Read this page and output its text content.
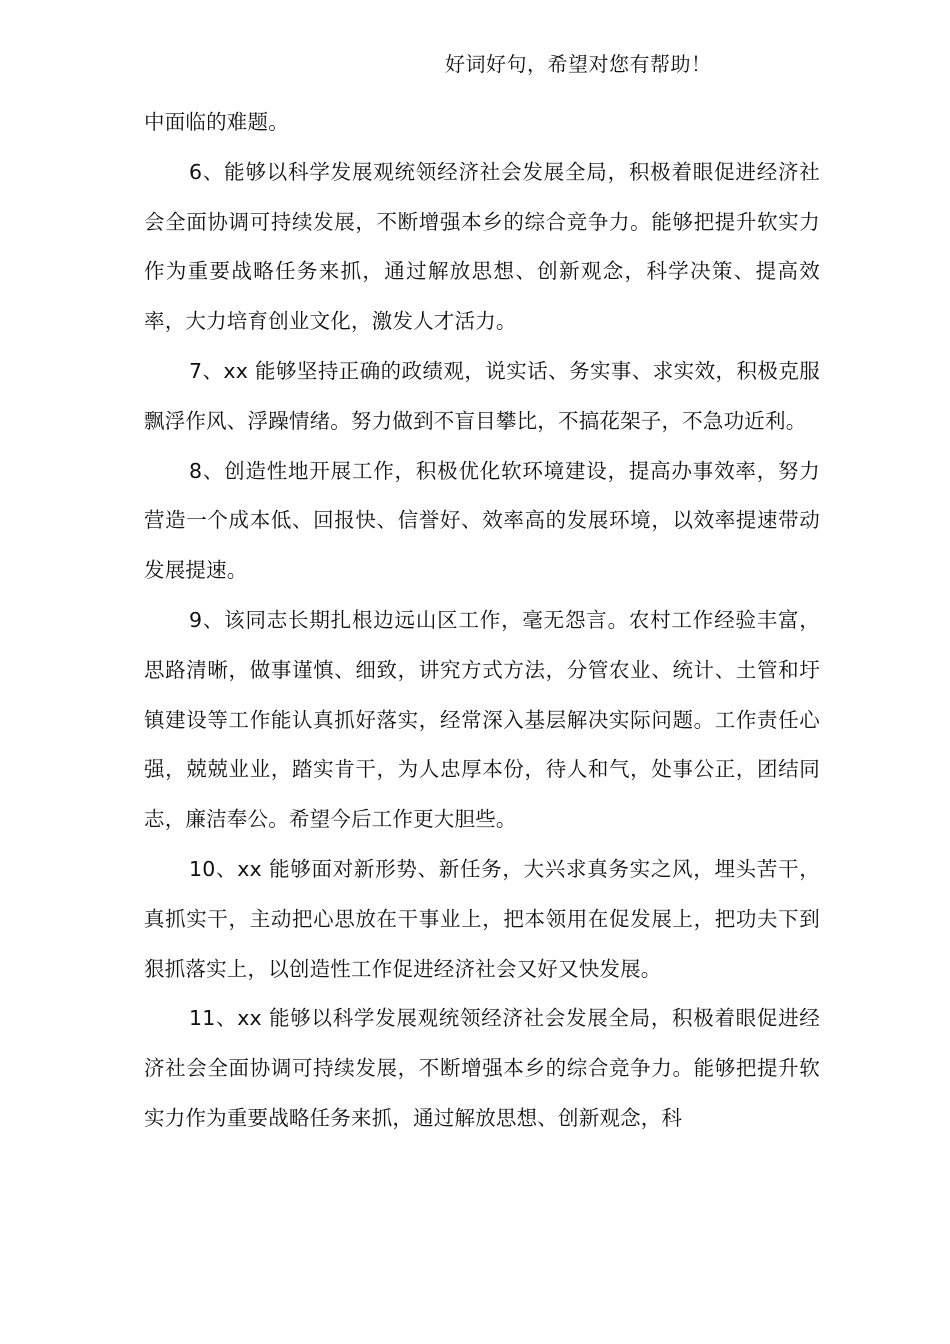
好词好句，希望对您有帮助！

中面临的难题。

6、能够以科学发展观统领经济社会发展全局，积极着眼促进经济社会全面协调可持续发展，不断增强本乡的综合竞争力。能够把提升软实力作为重要战略任务来抓，通过解放思想、创新观念，科学决策、提高效率，大力培育创业文化，激发人才活力。

7、xx 能够坚持正确的政绩观，说实话、务实事、求实效，积极克服飘浮作风、浮躁情绪。努力做到不盲目攀比，不搞花架子，不急功近利。

8、创造性地开展工作，积极优化软环境建设，提高办事效率，努力营造一个成本低、回报快、信誉好、效率高的发展环境，以效率提速带动发展提速。

9、该同志长期扎根边远山区工作，毫无怨言。农村工作经验丰富，思路清晰，做事谨慎、细致，讲究方式方法，分管农业、统计、土管和圩镇建设等工作能认真抓好落实，经常深入基层解决实际问题。工作责任心强，兢兢业业，踏实肯干，为人忠厚本份，待人和气，处事公正，团结同志，廉洁奉公。希望今后工作更大胆些。

10、xx 能够面对新形势、新任务，大兴求真务实之风，埋头苦干，真抓实干，主动把心思放在干事业上，把本领用在促发展上，把功夫下到狠抓落实上，以创造性工作促进经济社会又好又快发展。

11、xx 能够以科学发展观统领经济社会发展全局，积极着眼促进经济社会全面协调可持续发展，不断增强本乡的综合竞争力。能够把提升软实力作为重要战略任务来抓，通过解放思想、创新观念，科
